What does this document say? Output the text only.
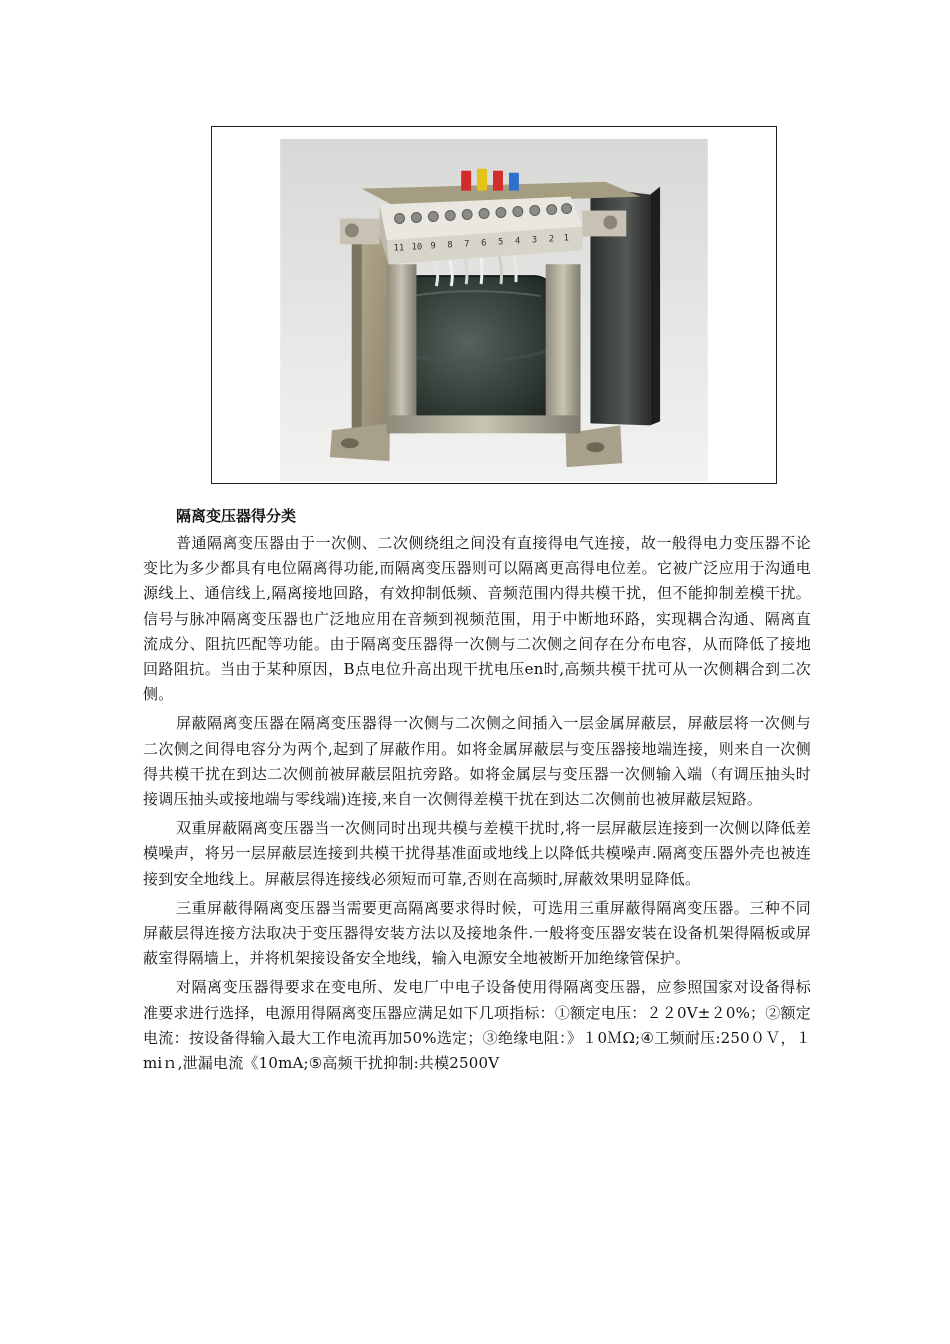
11 10 9 8 7 6 5 4 3 2 1
隔离变压器得分类

普通隔离变压器由于一次侧、二次侧绕组之间没有直接得电气连接，故一般得电力变压器不论变比为多少都具有电位隔离得功能,而隔离变压器则可以隔离更高得电位差。它被广泛应用于沟通电源线上、通信线上,隔离接地回路，有效抑制低频、音频范围内得共模干扰，但不能抑制差模干扰。信号与脉冲隔离变压器也广泛地应用在音频到视频范围，用于中断地环路，实现耦合沟通、隔离直流成分、阻抗匹配等功能。由于隔离变压器得一次侧与二次侧之间存在分布电容，从而降低了接地回路阻抗。当由于某种原因，B点电位升高出现干扰电压en时,高频共模干扰可从一次侧耦合到二次侧。

屏蔽隔离变压器在隔离变压器得一次侧与二次侧之间插入一层金属屏蔽层，屏蔽层将一次侧与二次侧之间得电容分为两个,起到了屏蔽作用。如将金属屏蔽层与变压器接地端连接，则来自一次侧得共模干扰在到达二次侧前被屏蔽层阻抗旁路。如将金属层与变压器一次侧输入端（有调压抽头时接调压抽头或接地端与零线端)连接,来自一次侧得差模干扰在到达二次侧前也被屏蔽层短路。

双重屏蔽隔离变压器当一次侧同时出现共模与差模干扰时,将一层屏蔽层连接到一次侧以降低差模噪声，将另一层屏蔽层连接到共模干扰得基准面或地线上以降低共模噪声.隔离变压器外壳也被连接到安全地线上。屏蔽层得连接线必须短而可靠,否则在高频时,屏蔽效果明显降低。

三重屏蔽得隔离变压器当需要更高隔离要求得时候，可选用三重屏蔽得隔离变压器。三种不同屏蔽层得连接方法取决于变压器得安装方法以及接地条件.一般将变压器安装在设备机架得隔板或屏蔽室得隔墙上，并将机架接设备安全地线，输入电源安全地被断开加绝缘管保护。

对隔离变压器得要求在变电所、发电厂中电子设备使用得隔离变压器，应参照国家对设备得标准要求进行选择，电源用得隔离变压器应满足如下几项指标：①额定电压：２２0V±２0%；②额定电流：按设备得输入最大工作电流再加50%选定；③绝缘电阻：》１0ＭΩ;④工频耐压:250０Ｖ，１miｎ,泄漏电流《10mA;⑤高频干扰抑制:共模2500V
